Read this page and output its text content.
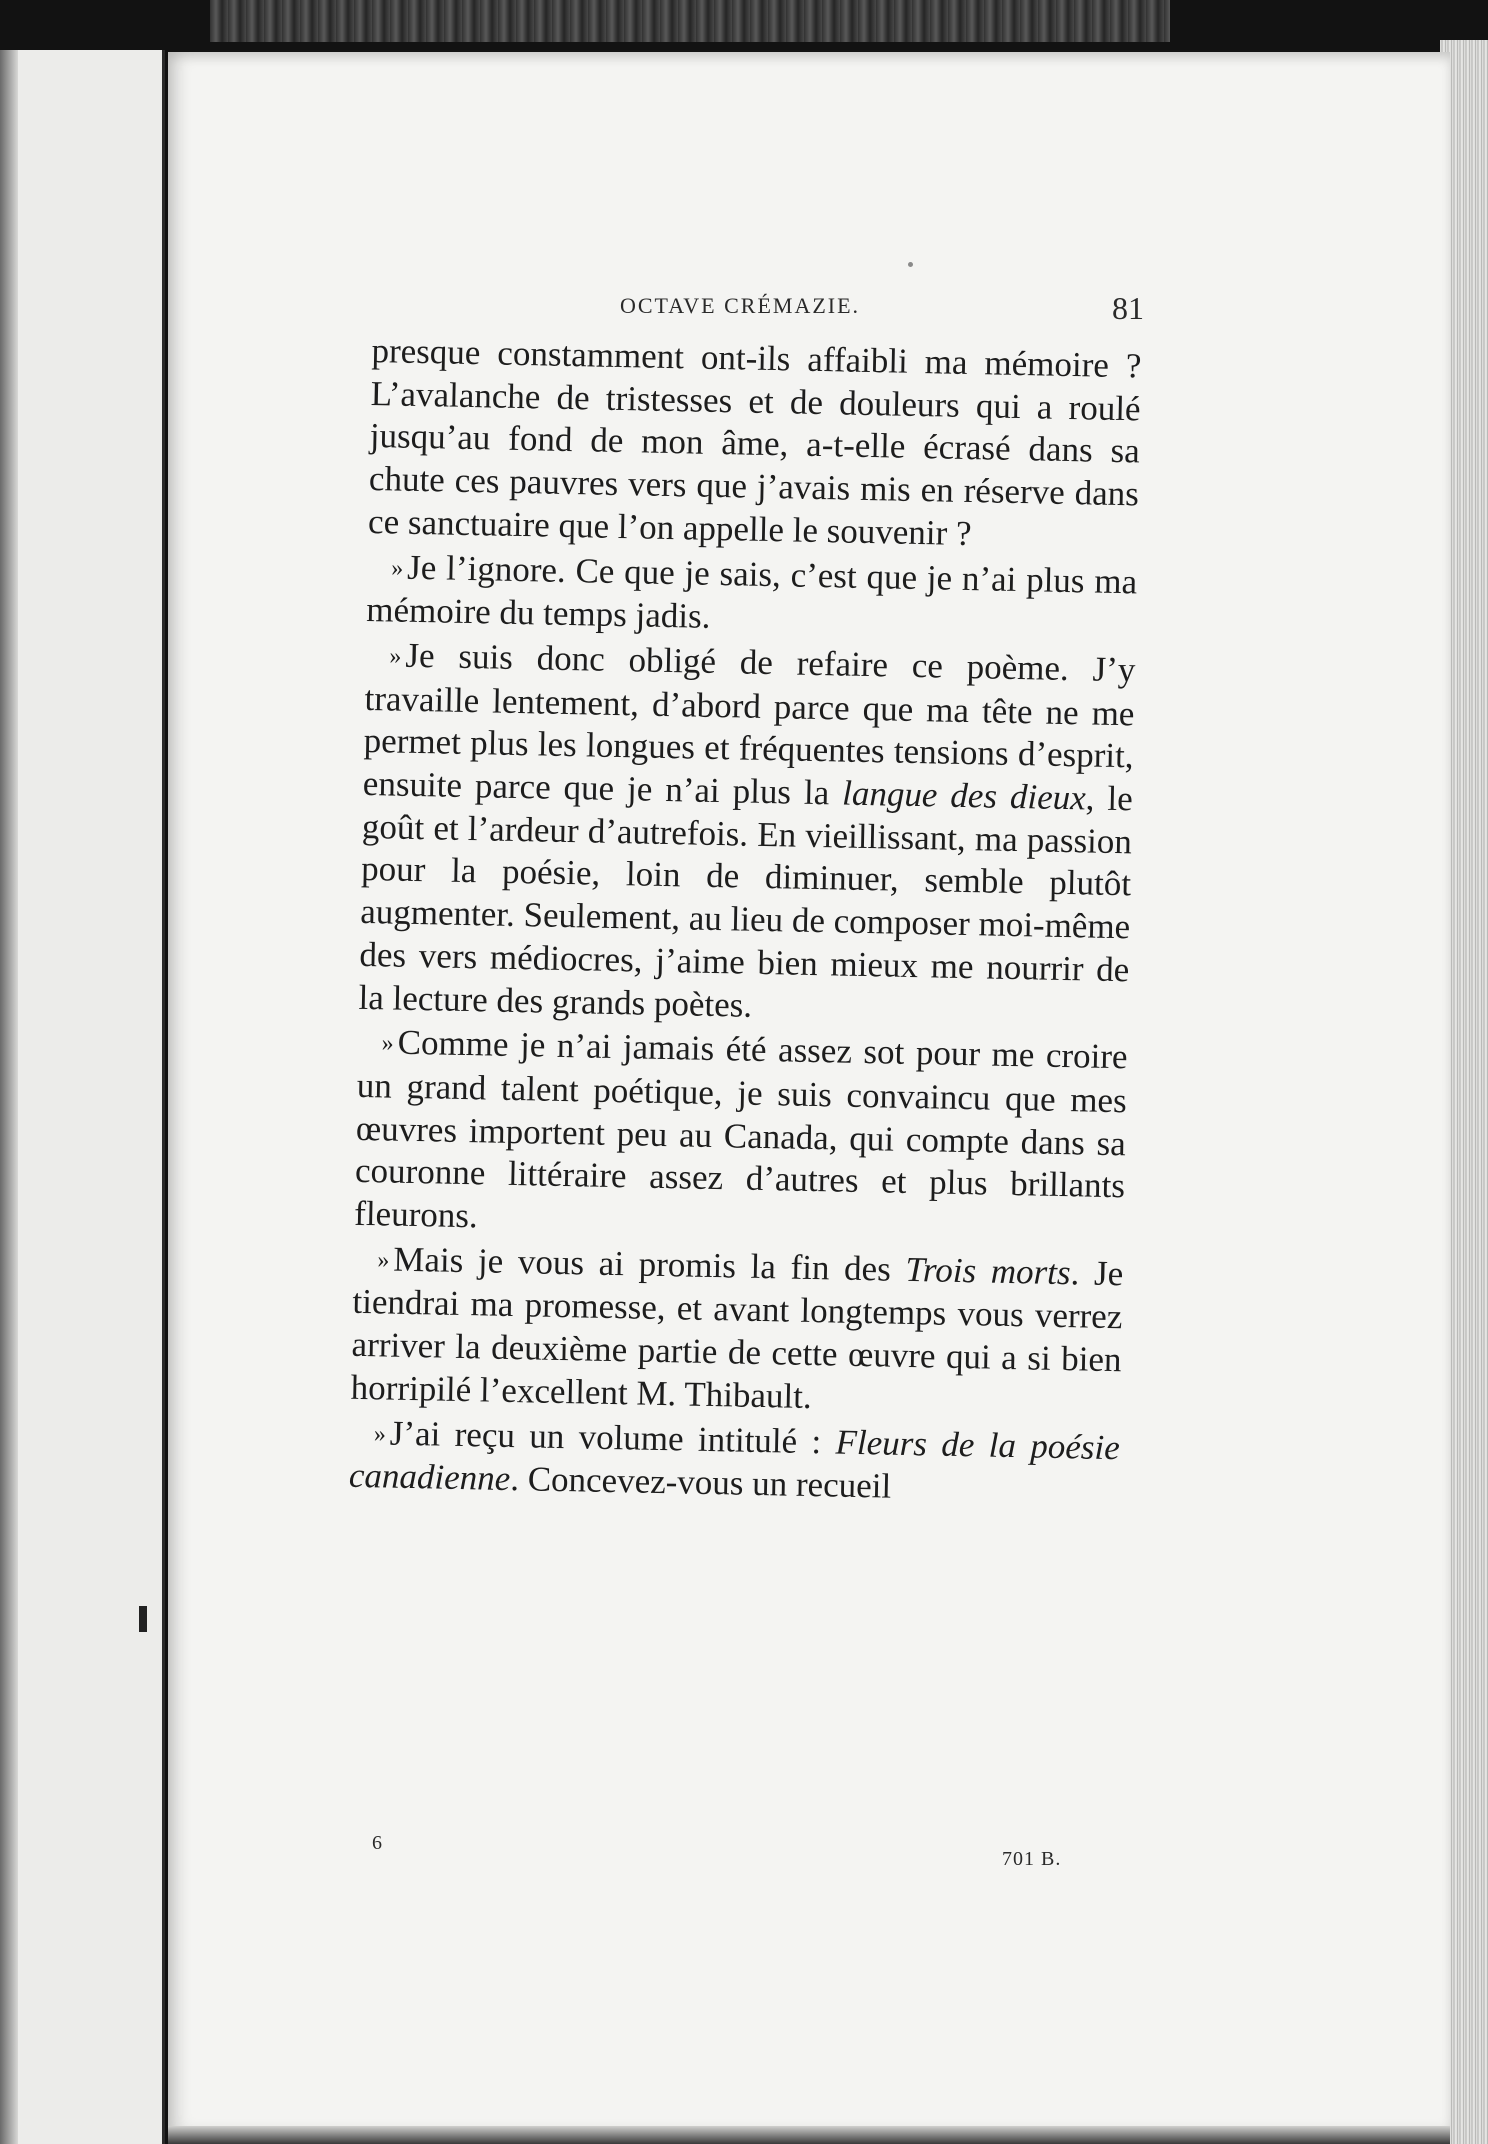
OCTAVE CRÉMAZIE.	81

presque constamment ont-ils affaibli ma mémoire ? L’avalanche de tristesses et de douleurs qui a roulé jusqu’au fond de mon âme, a-t-elle écrasé dans sa chute ces pauvres vers que j’avais mis en réserve dans ce sanctuaire que l’on appelle le souvenir ?

»Je l’ignore. Ce que je sais, c’est que je n’ai plus ma mémoire du temps jadis.

»Je suis donc obligé de refaire ce poème. J’y travaille lentement, d’abord parce que ma tête ne me permet plus les longues et fréquentes tensions d’esprit, ensuite parce que je n’ai plus la langue des dieux, le goût et l’ardeur d’autrefois. En vieillissant, ma passion pour la poésie, loin de diminuer, semble plutôt augmenter. Seulement, au lieu de composer moi-même des vers médiocres, j’aime bien mieux me nourrir de la lecture des grands poètes.

»Comme je n’ai jamais été assez sot pour me croire un grand talent poétique, je suis convaincu que mes œuvres importent peu au Canada, qui compte dans sa couronne littéraire assez d’autres et plus brillants fleurons.

»Mais je vous ai promis la fin des Trois morts. Je tiendrai ma promesse, et avant longtemps vous verrez arriver la deuxième partie de cette œuvre qui a si bien horripilé l’excellent M. Thibault.

»J’ai reçu un volume intitulé : Fleurs de la poésie canadienne. Concevez-vous un recueil

6
701 B.
